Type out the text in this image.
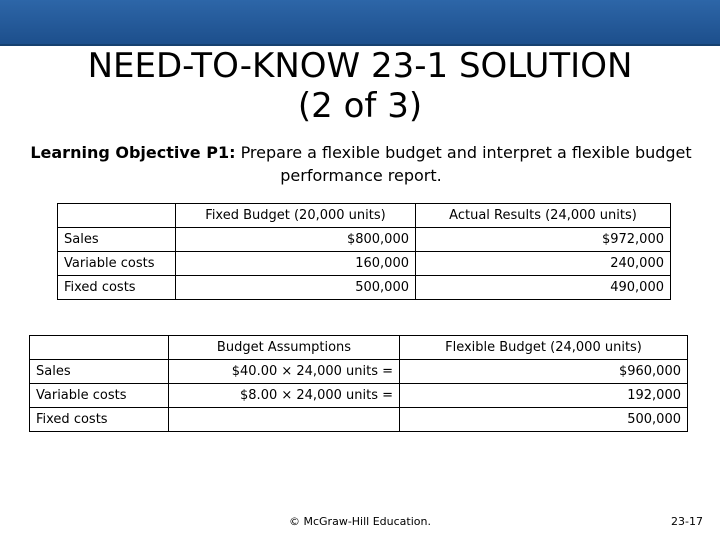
NEED-TO-KNOW 23-1 SOLUTION
(2 of 3)
Learning Objective P1: Prepare a flexible budget and interpret a flexible budget performance report.
	Fixed Budget (20,000 units)	Actual Results (24,000 units)
Sales	$800,000	$972,000
Variable costs	160,000	240,000
Fixed costs	500,000	490,000
	Budget Assumptions	Flexible Budget (24,000 units)
Sales	$40.00 × 24,000 units =	$960,000
Variable costs	$8.00 × 24,000 units =	192,000
Fixed costs		500,000
© McGraw-Hill Education.	23-17
